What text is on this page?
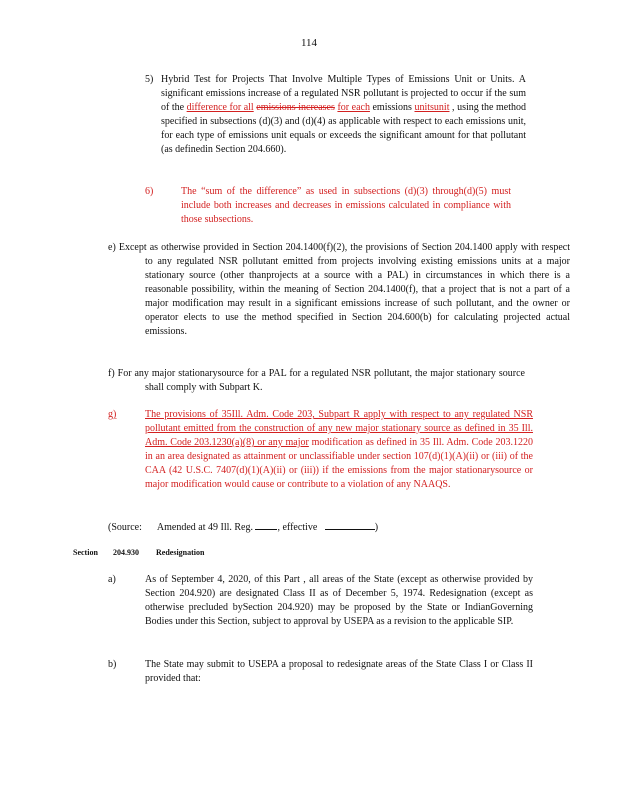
114
5) Hybrid Test for Projects That Involve Multiple Types of Emissions Unit or Units. A significant emissions increase of a regulated NSR pollutant is projected to occur if the sum of the difference for all emissions increases for each emissions unitsunit , using the method specified in subsections (d)(3) and (d)(4) as applicable with respect to each emissions unit, for each type of emissions unit equals or exceeds the significant amount for that pollutant (as definedin Section 204.660).
6)	The “sum of the difference” as used in subsections (d)(3) through(d)(5) must include both increases and decreases in emissions calculated in compliance with those subsections.
e) Except as otherwise provided in Section 204.1400(f)(2), the provisions of Section 204.1400 apply with respect to any regulated NSR pollutant emitted from projects involving existing emissions units at a major stationary source (other thanprojects at a source with a PAL) in circumstances in which there is a reasonable possibility, within the meaning of Section 204.1400(f), that a project that is not a part of a major modification may result in a significant emissions increase of such pollutant, and the owner or operator elects to use the method specified in Section 204.600(b) for calculating projected actual emissions.
f) For any major stationarysource for a PAL for a regulated NSR pollutant, the major stationary source shall comply with Subpart K.
g)	The provisions of 35Ill. Adm. Code 203, Subpart R apply with respect to any regulated NSR pollutant emitted from the construction of any new major stationary source as defined in 35 Ill. Adm. Code 203.1230(a)(8) or any major modification as defined in 35 Ill. Adm. Code 203.1220 in an area designated as attainment or unclassifiable under section 107(d)(1)(A)(ii) or (iii) of the CAA (42 U.S.C. 7407(d)(1)(A)(ii) or (iii)) if the emissions from the major stationarysource or major modification would cause or contribute to a violation of any NAAQS.
(Source: Amended at 49 Ill. Reg. , effective	)
Section 204.930 Redesignation
a)	As of September 4, 2020, of this Part , all areas of the State (except as otherwise provided by Section 204.920) are designated Class II as of December 5, 1974. Redesignation (except as otherwise precluded bySection 204.920) may be proposed by the State or IndianGoverning Bodies under this Section, subject to approval by USEPA as a revision to the applicable SIP.
b)	The State may submit to USEPA a proposal to redesignate areas of the State Class I or Class II provided that:
